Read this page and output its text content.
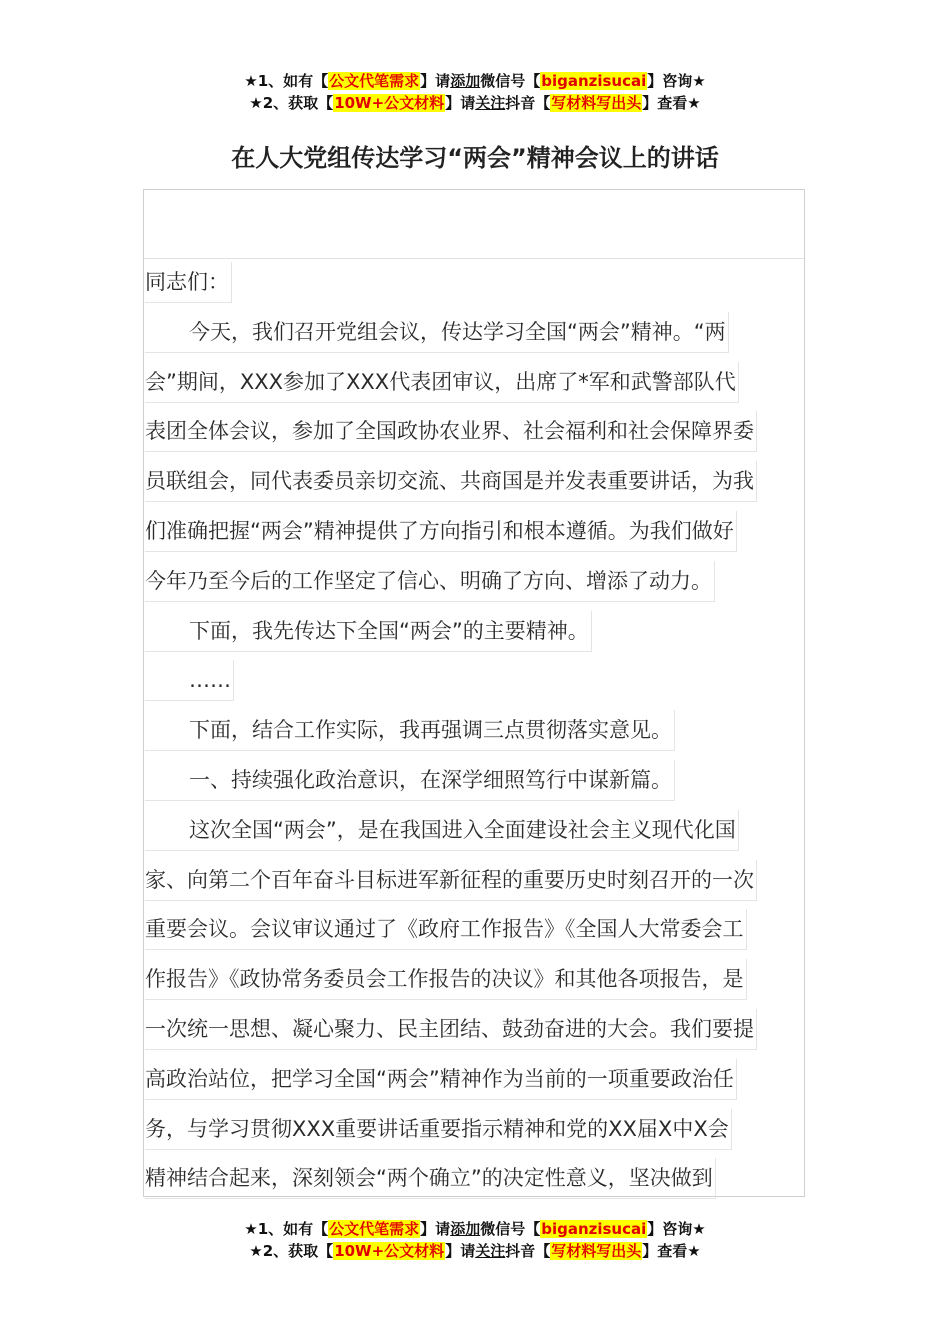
★1、如有【公文代笔需求】请添加微信号【biganzisucai】咨询★
★2、获取【10W+公文材料】请关注抖音【写材料写出头】查看★
在人大党组传达学习“两会”精神会议上的讲话
同志们：
今天，我们召开党组会议，传达学习全国“两会”精神。“两
会”期间，XXX参加了XXX代表团审议，出席了*军和武警部队代
表团全体会议，参加了全国政协农业界、社会福利和社会保障界委
员联组会，同代表委员亲切交流、共商国是并发表重要讲话，为我
们准确把握“两会”精神提供了方向指引和根本遵循。为我们做好
今年乃至今后的工作坚定了信心、明确了方向、增添了动力。
下面，我先传达下全国“两会”的主要精神。
……
下面，结合工作实际，我再强调三点贯彻落实意见。
一、持续强化政治意识，在深学细照笃行中谋新篇。
这次全国“两会”，是在我国进入全面建设社会主义现代化国
家、向第二个百年奋斗目标进军新征程的重要历史时刻召开的一次
重要会议。会议审议通过了《政府工作报告》《全国人大常委会工
作报告》《政协常务委员会工作报告的决议》和其他各项报告，是
一次统一思想、凝心聚力、民主团结、鼓劲奋进的大会。我们要提
高政治站位，把学习全国“两会”精神作为当前的一项重要政治任
务，与学习贯彻XXX重要讲话重要指示精神和党的XX届X中X会
精神结合起来，深刻领会“两个确立”的决定性意义，坚决做到
★1、如有【公文代笔需求】请添加微信号【biganzisucai】咨询★
★2、获取【10W+公文材料】请关注抖音【写材料写出头】查看★
